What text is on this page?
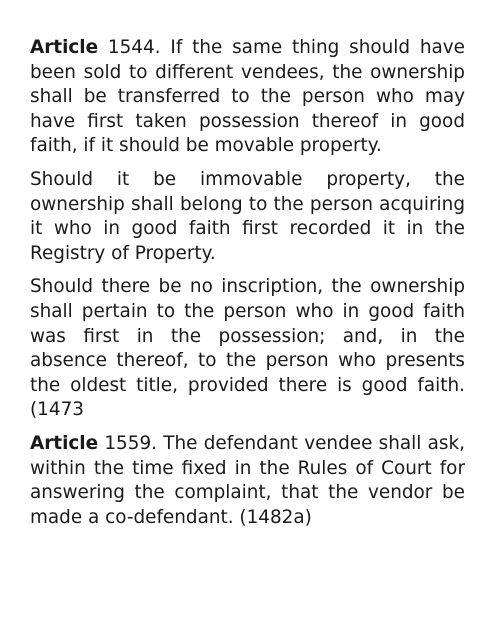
Article 1544. If the same thing should have been sold to different vendees, the ownership shall be transferred to the person who may have first taken possession thereof in good faith, if it should be movable property.

Should it be immovable property, the ownership shall belong to the person acquiring it who in good faith first recorded it in the Registry of Property.

Should there be no inscription, the ownership shall pertain to the person who in good faith was first in the possession; and, in the absence thereof, to the person who presents the oldest title, provided there is good faith. (1473

Article 1559. The defendant vendee shall ask, within the time fixed in the Rules of Court for answering the complaint, that the vendor be made a co-defendant. (1482a)
